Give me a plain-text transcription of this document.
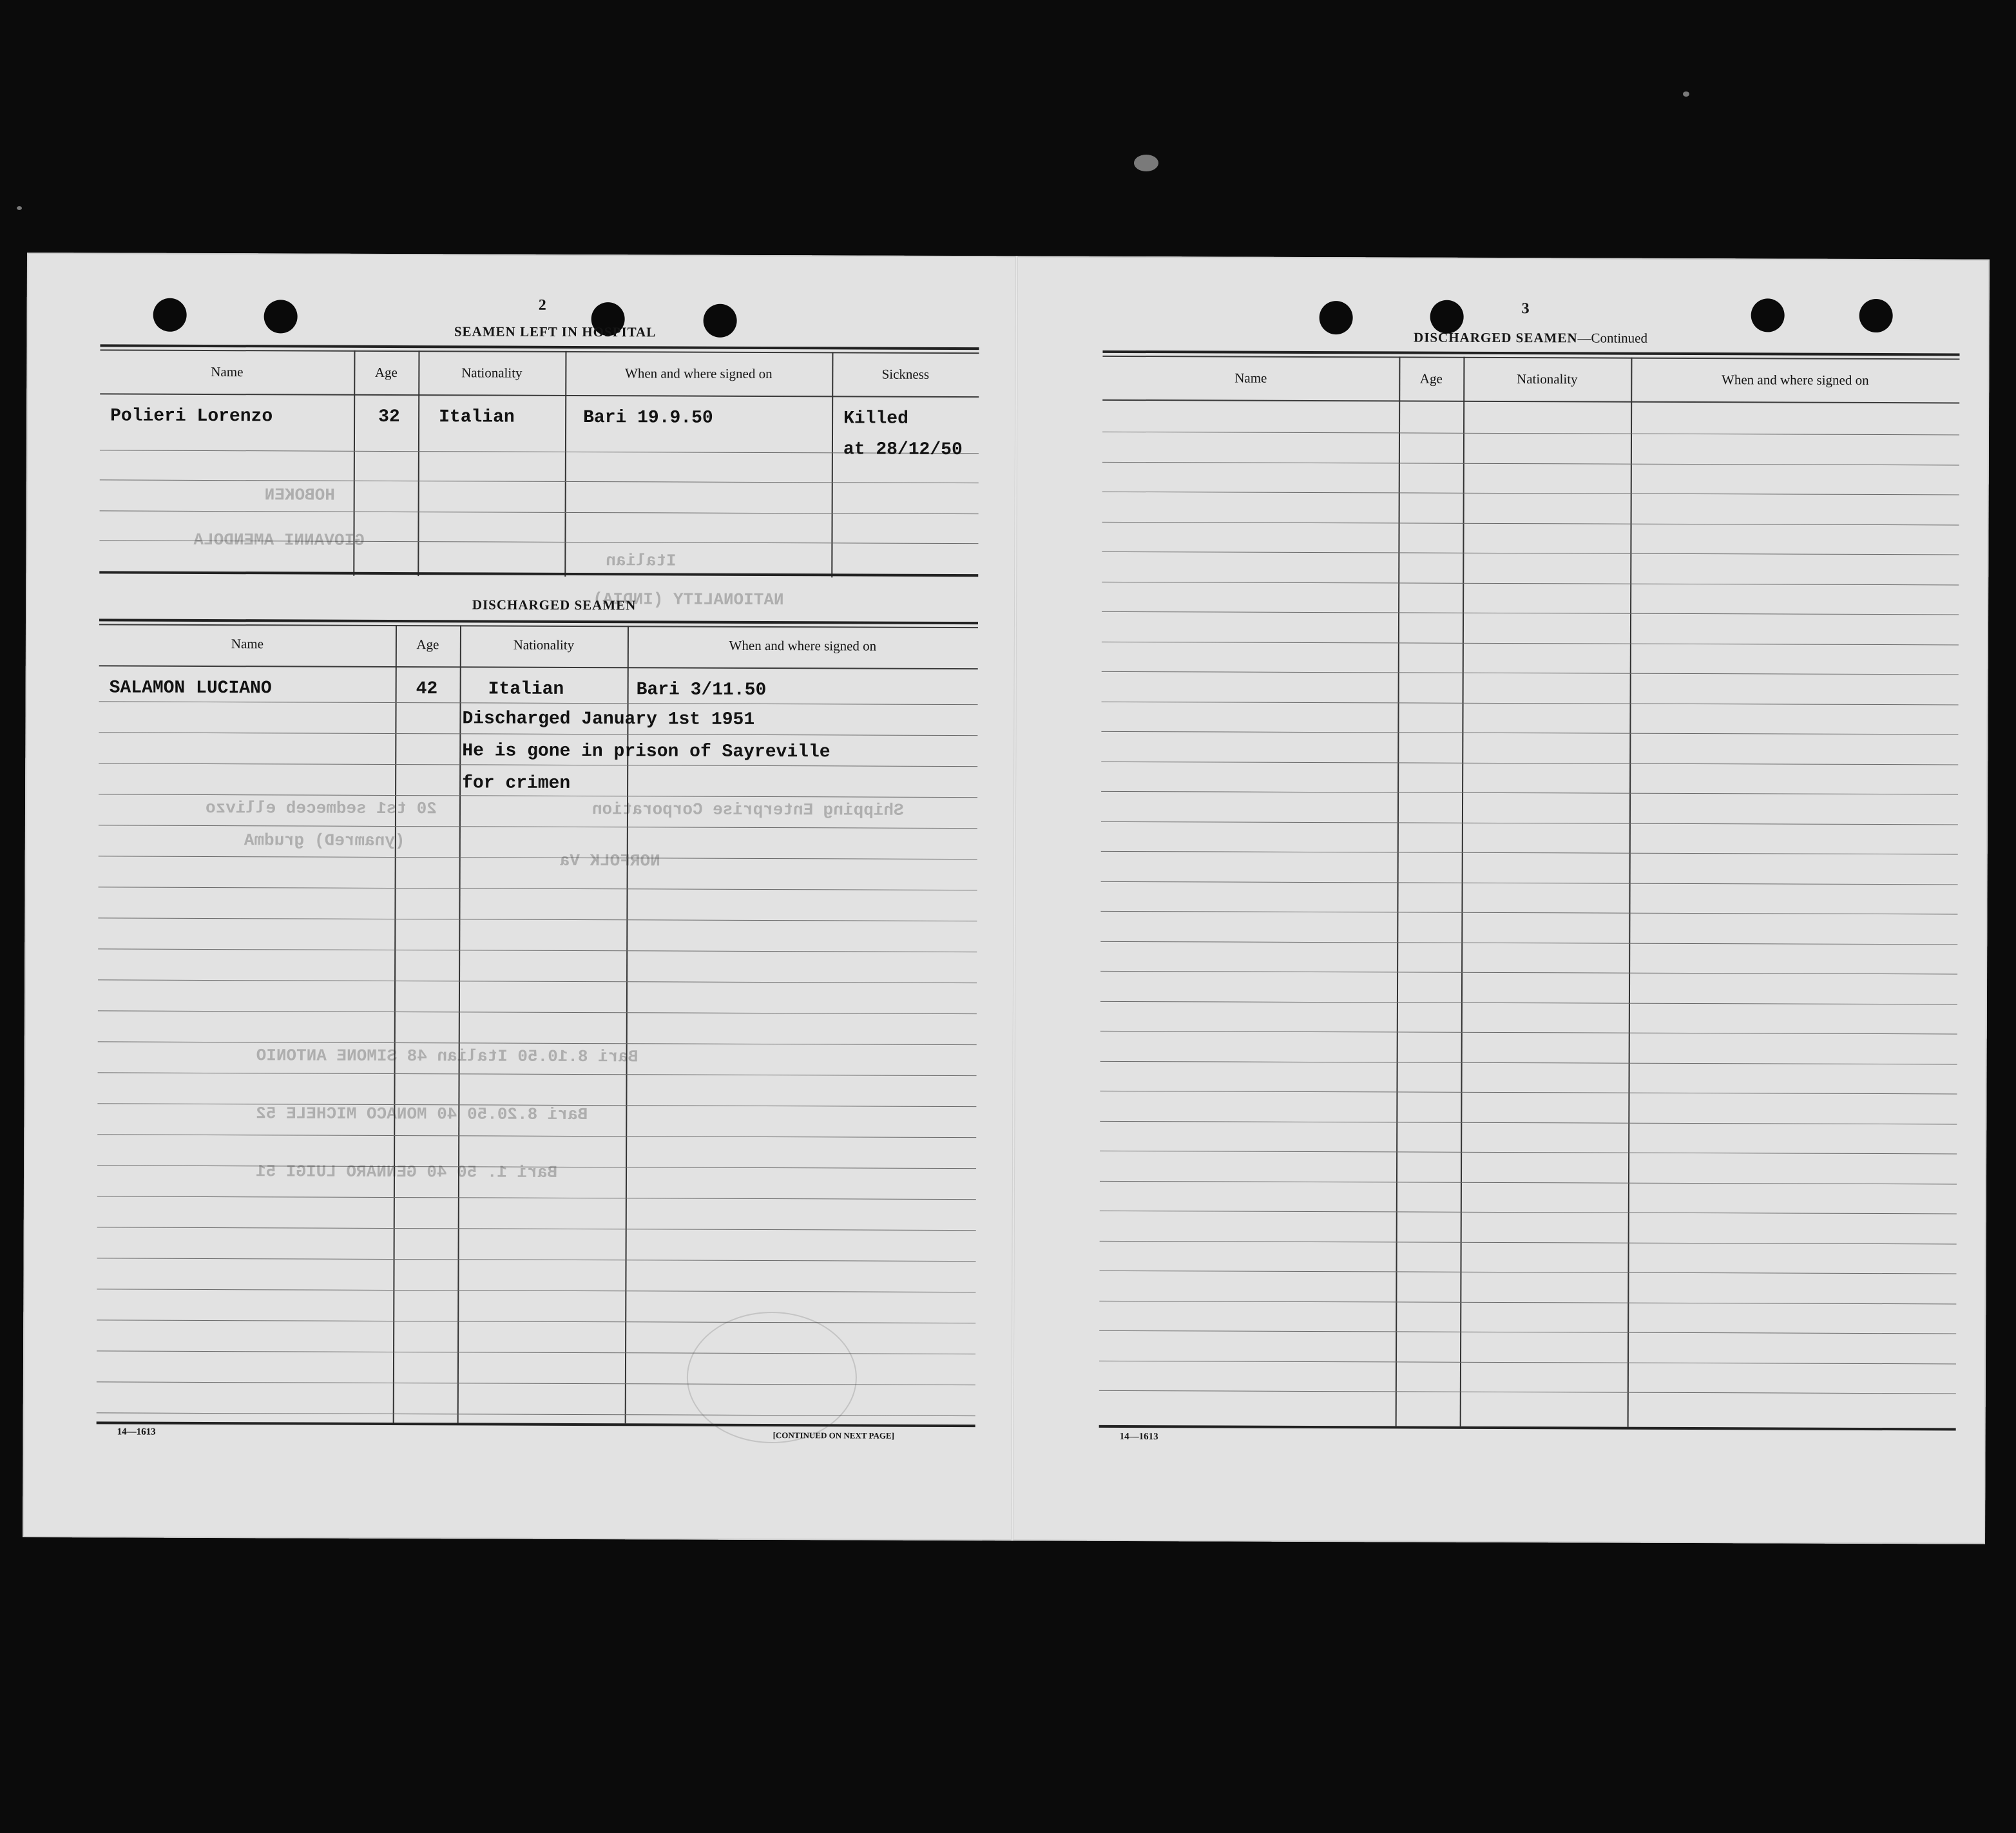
2
SEAMEN LEFT IN HOSPITAL
Name	Age	Nationality	When and where signed on	Sickness
Polieri Lorenzo	32 Italian	Bari 19.9.50	Killed
at 28/12/50
HOBOKEN
GIOVANNI AMENDOLA
Italian
NATIONALITY (INDIA)
DISCHARGED SEAMEN
Name	Age	Nationality	When and where signed on
SALAMON LUCIANO	42	Italian	Bari 3/11.50
Discharged January 1st 1951
He is gone in prison of Sayreville
for crimen
20 ts1 sedmeceb ellivzo	Shipping Enterprise Corporation
(ynamreD) grudmA
NORFOLK Va
Bari 8.10.50 Italian 48 SIMONE ANTONIO
Bari 8.20.50 40 MONACO MICHELE 52
Bari 1. 50 40 GENNARO LUIGI 51
14—1613	[CONTINUED ON NEXT PAGE]
3
DISCHARGED SEAMEN—Continued
Name	Age	Nationality	When and where signed on
14—1613
